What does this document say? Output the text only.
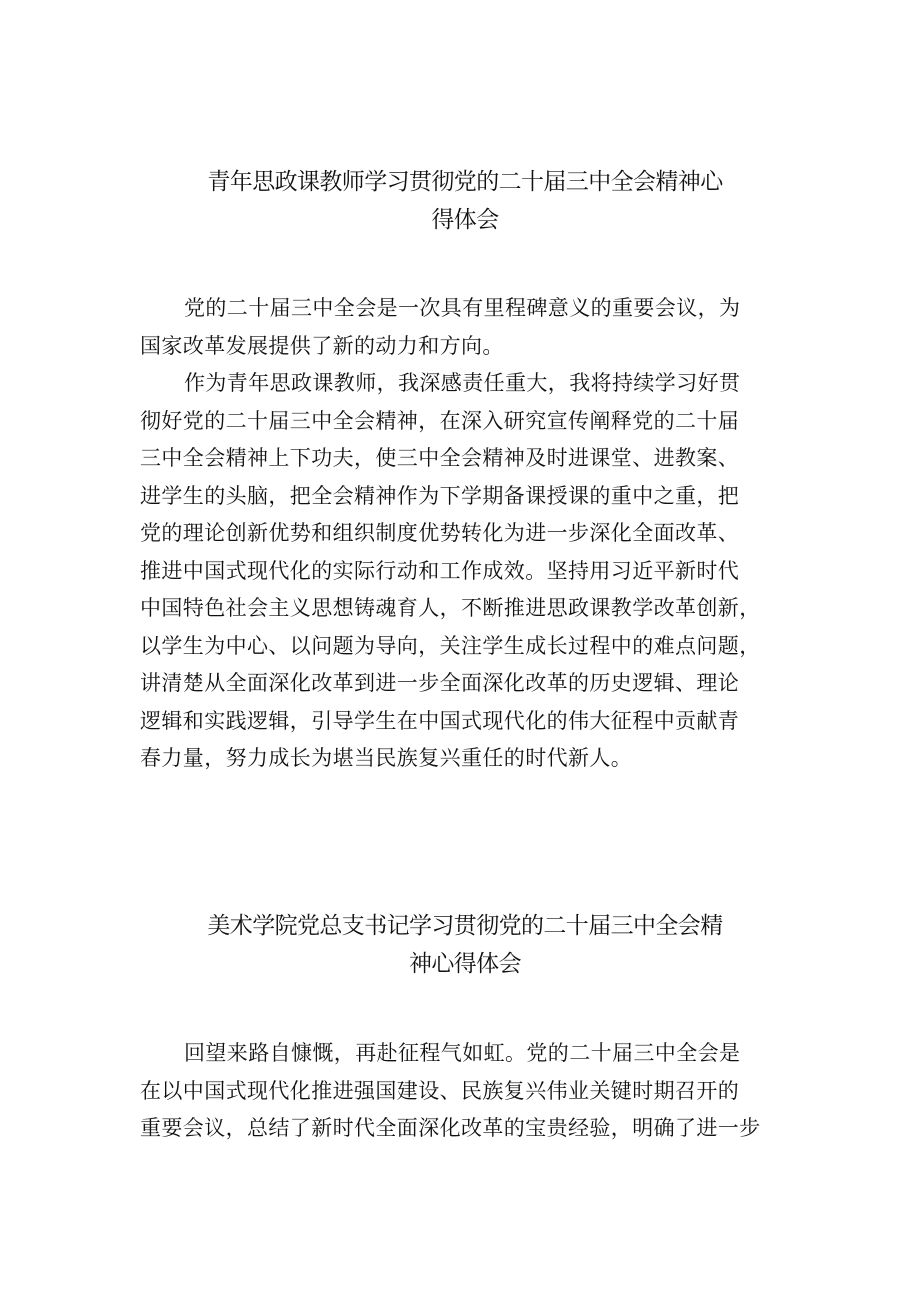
青年思政课教师学习贯彻党的二十届三中全会精神心
得体会
党的二十届三中全会是一次具有里程碑意义的重要会议，为
国家改革发展提供了新的动力和方向。
作为青年思政课教师，我深感责任重大，我将持续学习好贯
彻好党的二十届三中全会精神，在深入研究宣传阐释党的二十届
三中全会精神上下功夫，使三中全会精神及时进课堂、进教案、
进学生的头脑，把全会精神作为下学期备课授课的重中之重，把
党的理论创新优势和组织制度优势转化为进一步深化全面改革、
推进中国式现代化的实际行动和工作成效。坚持用习近平新时代
中国特色社会主义思想铸魂育人，不断推进思政课教学改革创新，
以学生为中心、以问题为导向，关注学生成长过程中的难点问题，
讲清楚从全面深化改革到进一步全面深化改革的历史逻辑、理论
逻辑和实践逻辑，引导学生在中国式现代化的伟大征程中贡献青
春力量，努力成长为堪当民族复兴重任的时代新人。
美术学院党总支书记学习贯彻党的二十届三中全会精
神心得体会
回望来路自慷慨，再赴征程气如虹。党的二十届三中全会是
在以中国式现代化推进强国建设、民族复兴伟业关键时期召开的
重要会议，总结了新时代全面深化改革的宝贵经验，明确了进一步
